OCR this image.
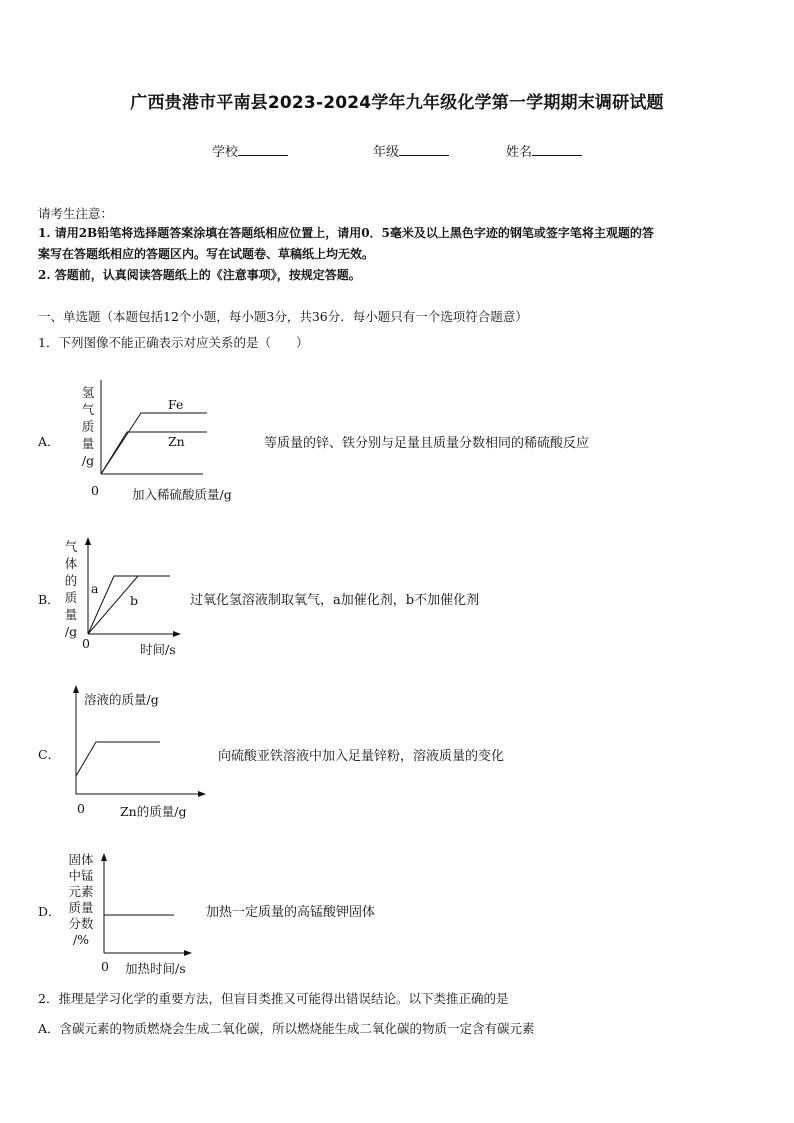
广西贵港市平南县2023-2024学年九年级化学第一学期期末调研试题
学校	年级	姓名
请考生注意：
1. 请用2B铅笔将选择题答案涂填在答题纸相应位置上，请用0．5毫米及以上黑色字迹的钢笔或签字笔将主观题的答
案写在答题纸相应的答题区内。写在试题卷、草稿纸上均无效。
2. 答题前，认真阅读答题纸上的《注意事项》，按规定答题。
一、单选题（本题包括12个小题，每小题3分，共36分．每小题只有一个选项符合题意）
1．下列图像不能正确表示对应关系的是（　　）
A．
氢
气
质
量
/g
Fe
Zn
0	加入稀硫酸质量/g
等质量的锌、铁分别与足量且质量分数相同的稀硫酸反应
B．
气
体
的
质
量
/g
a
b
0	时间/s
过氧化氢溶液制取氧气，a加催化剂，b不加催化剂
C．
溶液的质量/g
0	Zn的质量/g
向硫酸亚铁溶液中加入足量锌粉，溶液质量的变化
D．
固体
中锰
元素
质量
分数
/%
0 加热时间/s
加热一定质量的高锰酸钾固体
2．推理是学习化学的重要方法，但盲目类推又可能得出错误结论。以下类推正确的是
A．含碳元素的物质燃烧会生成二氧化碳，所以燃烧能生成二氧化碳的物质一定含有碳元素
